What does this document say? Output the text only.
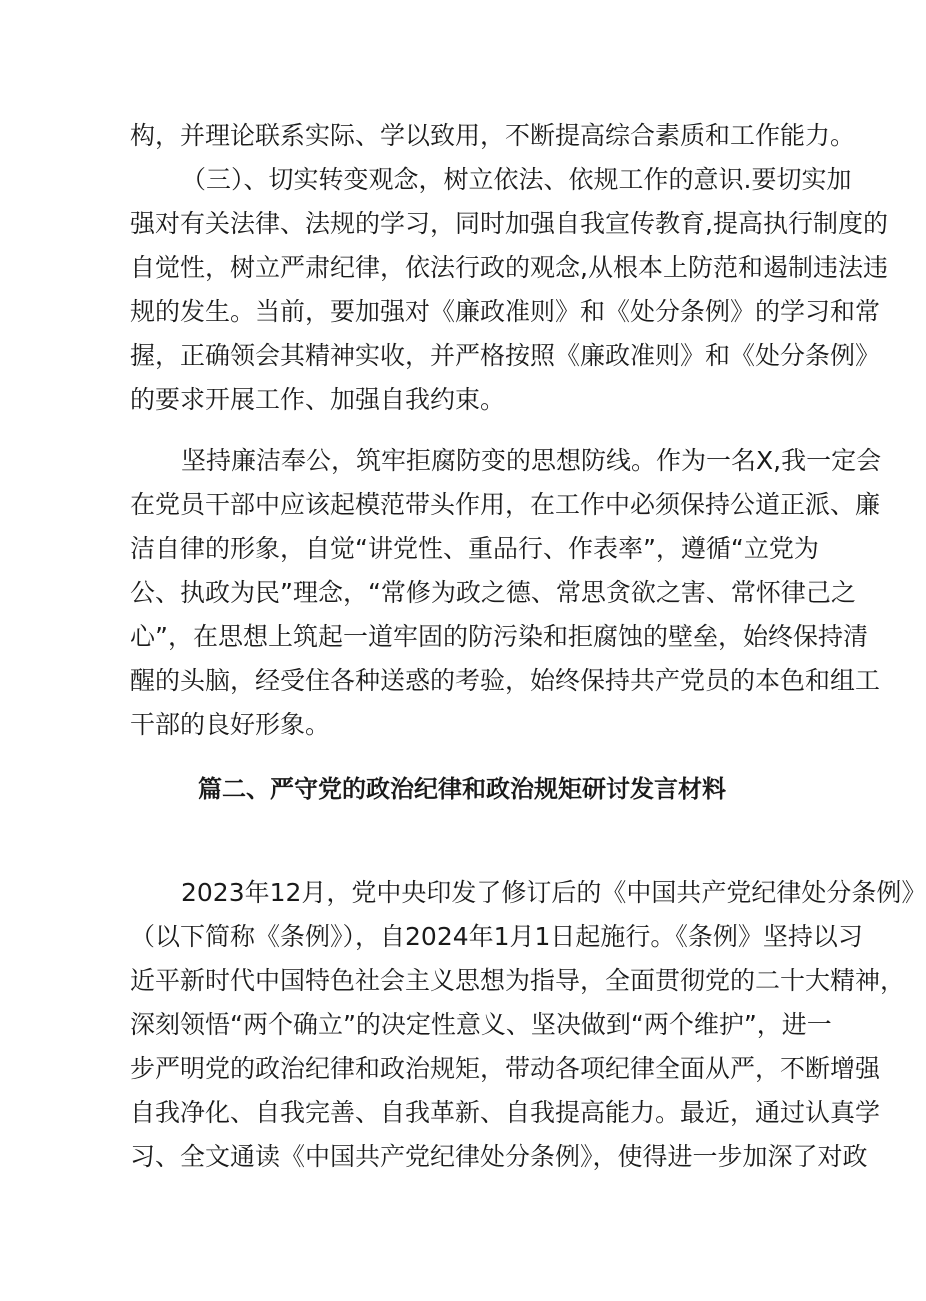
构，并理论联系实际、学以致用，不断提高综合素质和工作能力。
（三）、切实转变观念，树立依法、依规工作的意识.要切实加
强对有关法律、法规的学习，同时加强自我宣传教育,提高执行制度的
自觉性，树立严肃纪律，依法行政的观念,从根本上防范和遏制违法违
规的发生。当前，要加强对《廉政准则》和《处分条例》的学习和常
握，正确领会其精神实收，并严格按照《廉政准则》和《处分条例》
的要求开展工作、加强自我约束。
坚持廉洁奉公，筑牢拒腐防变的思想防线。作为一名X,我一定会
在党员干部中应该起模范带头作用，在工作中必须保持公道正派、廉
洁自律的形象，自觉“讲党性、重品行、作表率”，遵循“立党为
公、执政为民”理念，“常修为政之德、常思贪欲之害、常怀律己之
心”，在思想上筑起一道牢固的防污染和拒腐蚀的壁垒，始终保持清
醒的头脑，经受住各种送惑的考验，始终保持共产党员的本色和组工
干部的良好形象。
篇二、严守党的政治纪律和政治规矩研讨发言材料
2023年12月，党中央印发了修订后的《中国共产党纪律处分条例》
（以下简称《条例》），自2024年1月1日起施行。《条例》坚持以习
近平新时代中国特色社会主义思想为指导，全面贯彻党的二十大精神，
深刻领悟“两个确立”的决定性意义、坚决做到“两个维护”，进一
步严明党的政治纪律和政治规矩，带动各项纪律全面从严，不断增强
自我净化、自我完善、自我革新、自我提高能力。最近，通过认真学
习、全文通读《中国共产党纪律处分条例》，使得进一步加深了对政
